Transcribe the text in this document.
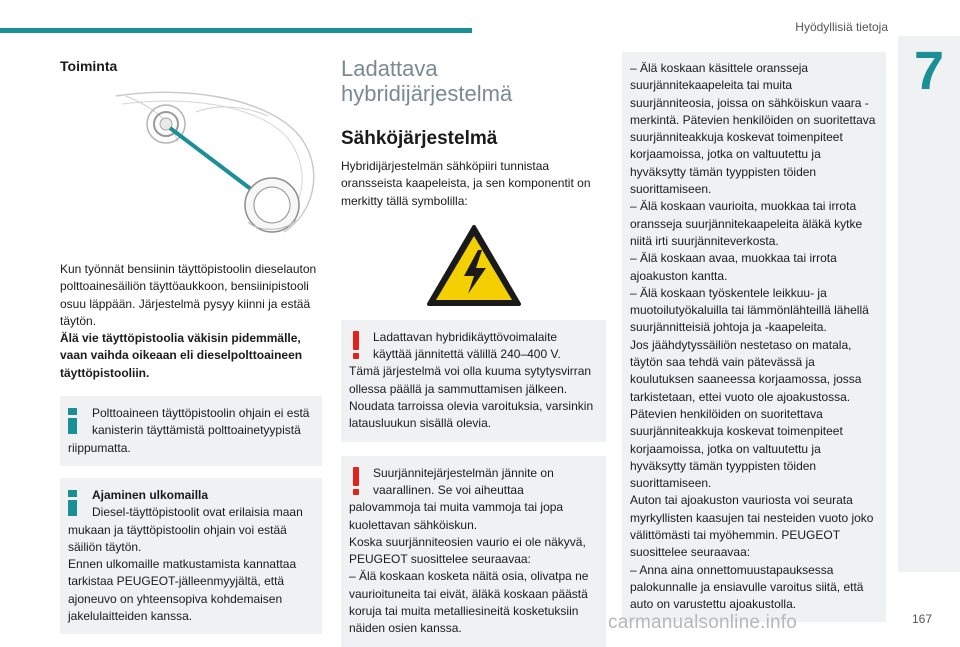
Hyödyllisiä tietoja
7
Toiminta

Kun työnnät bensiinin täyttöpistoolin dieselauton polttoainesäiliön täyttöaukkoon, bensiinipistooli osuu läppään. Järjestelmä pysyy kiinni ja estää täytön.

Älä vie täyttöpistoolia väkisin pidemmälle, vaan vaihda oikeaan eli dieselpolttoaineen täyttöpistooliin.

Polttoaineen täyttöpistoolin ohjain ei estä kanisterin täyttämistä polttoainetyypistä
riippumatta.
Ajaminen ulkomailla
Diesel-täyttöpistoolit ovat erilaisia maan
mukaan ja täyttöpistoolin ohjain voi estää säiliön täytön.
Ennen ulkomaille matkustamista kannattaa tarkistaa PEUGEOT-jälleenmyyjältä, että ajoneuvo on yhteensopiva kohdemaisen jakelulaitteiden kanssa.
Ladattava
hybridijärjestelmä
Sähköjärjestelmä

Hybridijärjestelmän sähköpiiri tunnistaa oransseista kaapeleista, ja sen komponentit on merkitty tällä symbolilla:

Ladattavan hybridikäyttövoimalaite käyttää jännitettä välillä 240–400 V.
Tämä järjestelmä voi olla kuuma sytytysvirran ollessa päällä ja sammuttamisen jälkeen. Noudata tarroissa olevia varoituksia, varsinkin latausluukun sisällä olevia.
Suurjännitejärjestelmän jännite on vaarallinen. Se voi aiheuttaa
palovammoja tai muita vammoja tai jopa kuolettavan sähköiskun.
Koska suurjänniteosien vaurio ei ole näkyvä, PEUGEOT suosittelee seuraavaa:
– Älä koskaan kosketa näitä osia, olivatpa ne vaurioituneita tai eivät, äläkä koskaan päästä koruja tai muita metalliesineitä kosketuksiin näiden osien kanssa.
– Älä koskaan käsittele oransseja suurjännitekaapeleita tai muita suurjänniteosia, joissa on sähköiskun vaara -merkintä. Pätevien henkilöiden on suoritettava suurjänniteakkuja koskevat toimenpiteet korjaamoissa, jotka on valtuutettu ja hyväksytty tämän tyyppisten töiden suorittamiseen.
– Älä koskaan vaurioita, muokkaa tai irrota oransseja suurjännitekaapeleita äläkä kytke niitä irti suurjänniteverkosta.
– Älä koskaan avaa, muokkaa tai irrota ajoakuston kantta.
– Älä koskaan työskentele leikkuu- ja muotoilutyökaluilla tai lämmönlähteillä lähellä suurjännitteisiä johtoja ja -kaapeleita.
Jos jäähdytyssäiliön nestetaso on matala, täytön saa tehdä vain pätevässä ja koulutuksen saaneessa korjaamossa, jossa tarkistetaan, ettei vuoto ole ajoakustossa. Pätevien henkilöiden on suoritettava suurjänniteakkuja koskevat toimenpiteet korjaamoissa, jotka on valtuutettu ja hyväksytty tämän tyyppisten töiden suorittamiseen.
Auton tai ajoakuston vauriosta voi seurata myrkyllisten kaasujen tai nesteiden vuoto joko välittömästi tai myöhemmin. PEUGEOT suosittelee seuraavaa:
– Anna aina onnettomuustapauksessa palokunnalle ja ensiavulle varoitus siitä, että auto on varustettu ajoakustolla.
carmanualsonline.info	167
